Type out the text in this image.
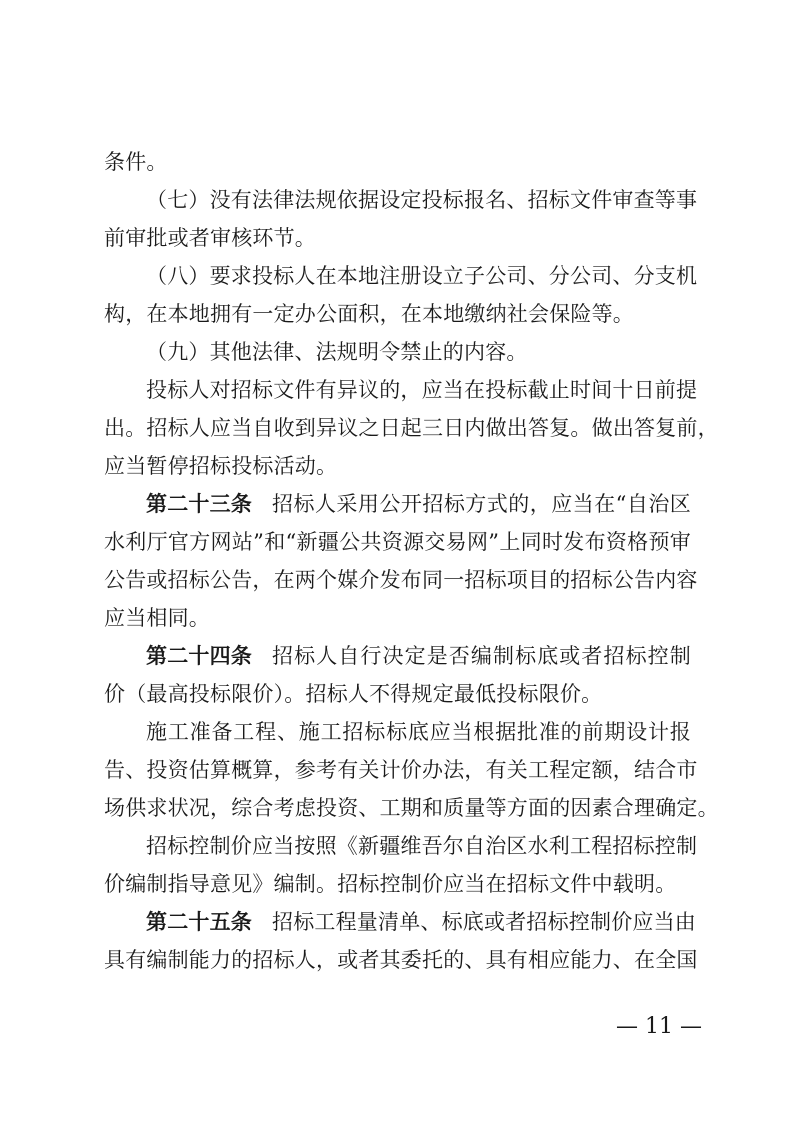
条件。
（七）没有法律法规依据设定投标报名、招标文件审查等事
前审批或者审核环节。
（八）要求投标人在本地注册设立子公司、分公司、分支机
构，在本地拥有一定办公面积，在本地缴纳社会保险等。
（九）其他法律、法规明令禁止的内容。
投标人对招标文件有异议的，应当在投标截止时间十日前提
出。招标人应当自收到异议之日起三日内做出答复。做出答复前，
应当暂停招标投标活动。
第二十三条 招标人采用公开招标方式的，应当在“自治区
水利厅官方网站”和“新疆公共资源交易网”上同时发布资格预审
公告或招标公告，在两个媒介发布同一招标项目的招标公告内容
应当相同。
第二十四条 招标人自行决定是否编制标底或者招标控制
价（最高投标限价）。招标人不得规定最低投标限价。
施工准备工程、施工招标标底应当根据批准的前期设计报
告、投资估算概算，参考有关计价办法，有关工程定额，结合市
场供求状况，综合考虑投资、工期和质量等方面的因素合理确定。
招标控制价应当按照《新疆维吾尔自治区水利工程招标控制
价编制指导意见》编制。招标控制价应当在招标文件中载明。
第二十五条 招标工程量清单、标底或者招标控制价应当由
具有编制能力的招标人，或者其委托的、具有相应能力、在全国
— 11 —
